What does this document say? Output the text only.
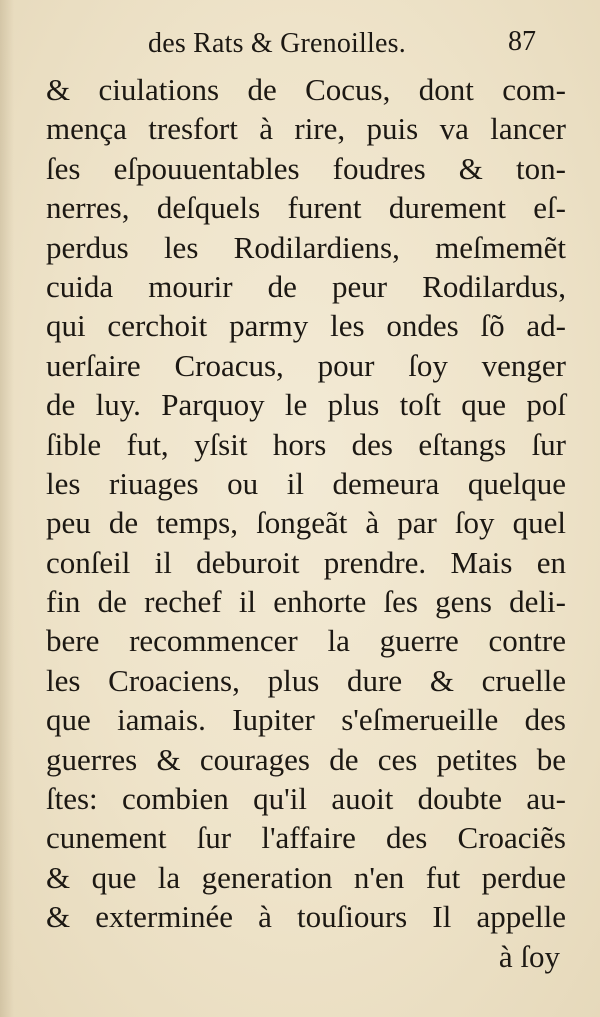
des Rats & Grenoilles.	87
& ciulations de Cocus, dont com-
mença tresfort à rire, puis va lancer
ſes eſpouuentables foudres & ton-
nerres, deſquels furent durement eſ-
perdus les Rodilardiens, meſmemẽt
cuida mourir de peur Rodilardus,
qui cerchoit parmy les ondes ſõ ad-
uerſaire Croacus, pour ſoy venger
de luy. Parquoy le plus toſt que poſ
ſible fut, yſsit hors des eſtangs ſur
les riuages ou il demeura quelque
peu de temps, ſongeãt à par ſoy quel
conſeil il deburoit prendre. Mais en
fin de rechef il enhorte ſes gens deli-
bere recommencer la guerre contre
les Croaciens, plus dure & cruelle
que iamais. Iupiter s'eſmerueille des
guerres & courages de ces petites be
ſtes: combien qu'il auoit doubte au-
cunement ſur l'affaire des Croaciẽs
& que la generation n'en fut perdue
& exterminée à touſiours Il appelle
à ſoy
